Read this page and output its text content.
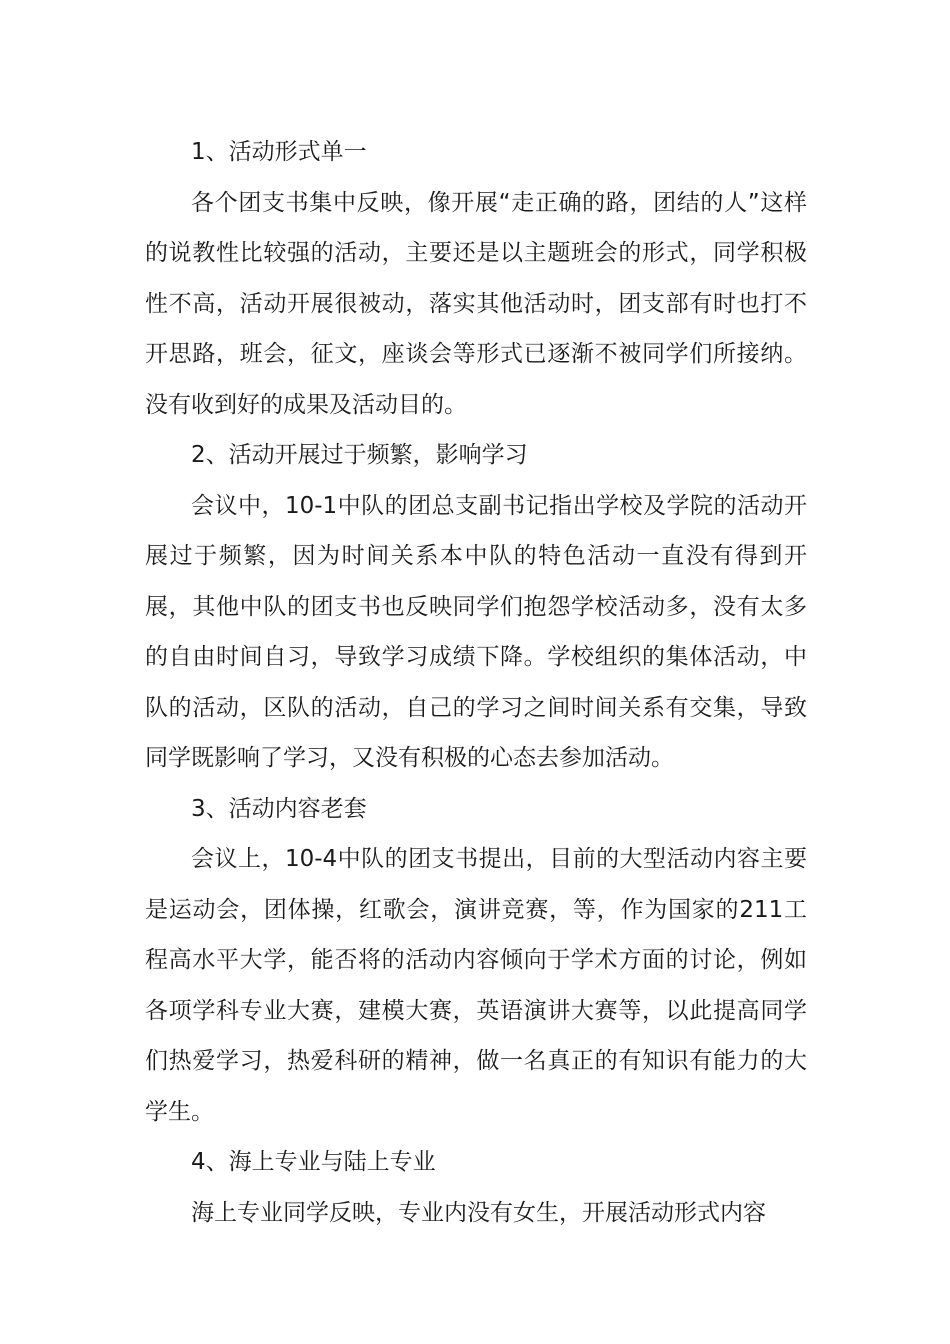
1、活动形式单一

各个团支书集中反映，像开展“走正确的路，团结的人”这样的说教性比较强的活动，主要还是以主题班会的形式，同学积极性不高，活动开展很被动，落实其他活动时，团支部有时也打不开思路，班会，征文，座谈会等形式已逐渐不被同学们所接纳。没有收到好的成果及活动目的。

2、活动开展过于频繁，影响学习

会议中，10-1中队的团总支副书记指出学校及学院的活动开展过于频繁，因为时间关系本中队的特色活动一直没有得到开展，其他中队的团支书也反映同学们抱怨学校活动多，没有太多的自由时间自习，导致学习成绩下降。学校组织的集体活动，中队的活动，区队的活动，自己的学习之间时间关系有交集，导致同学既影响了学习，又没有积极的心态去参加活动。

3、活动内容老套

会议上，10-4中队的团支书提出，目前的大型活动内容主要是运动会，团体操，红歌会，演讲竞赛，等，作为国家的211工程高水平大学，能否将的活动内容倾向于学术方面的讨论，例如各项学科专业大赛，建模大赛，英语演讲大赛等，以此提高同学们热爱学习，热爱科研的精神，做一名真正的有知识有能力的大学生。

4、海上专业与陆上专业

海上专业同学反映，专业内没有女生，开展活动形式内容
